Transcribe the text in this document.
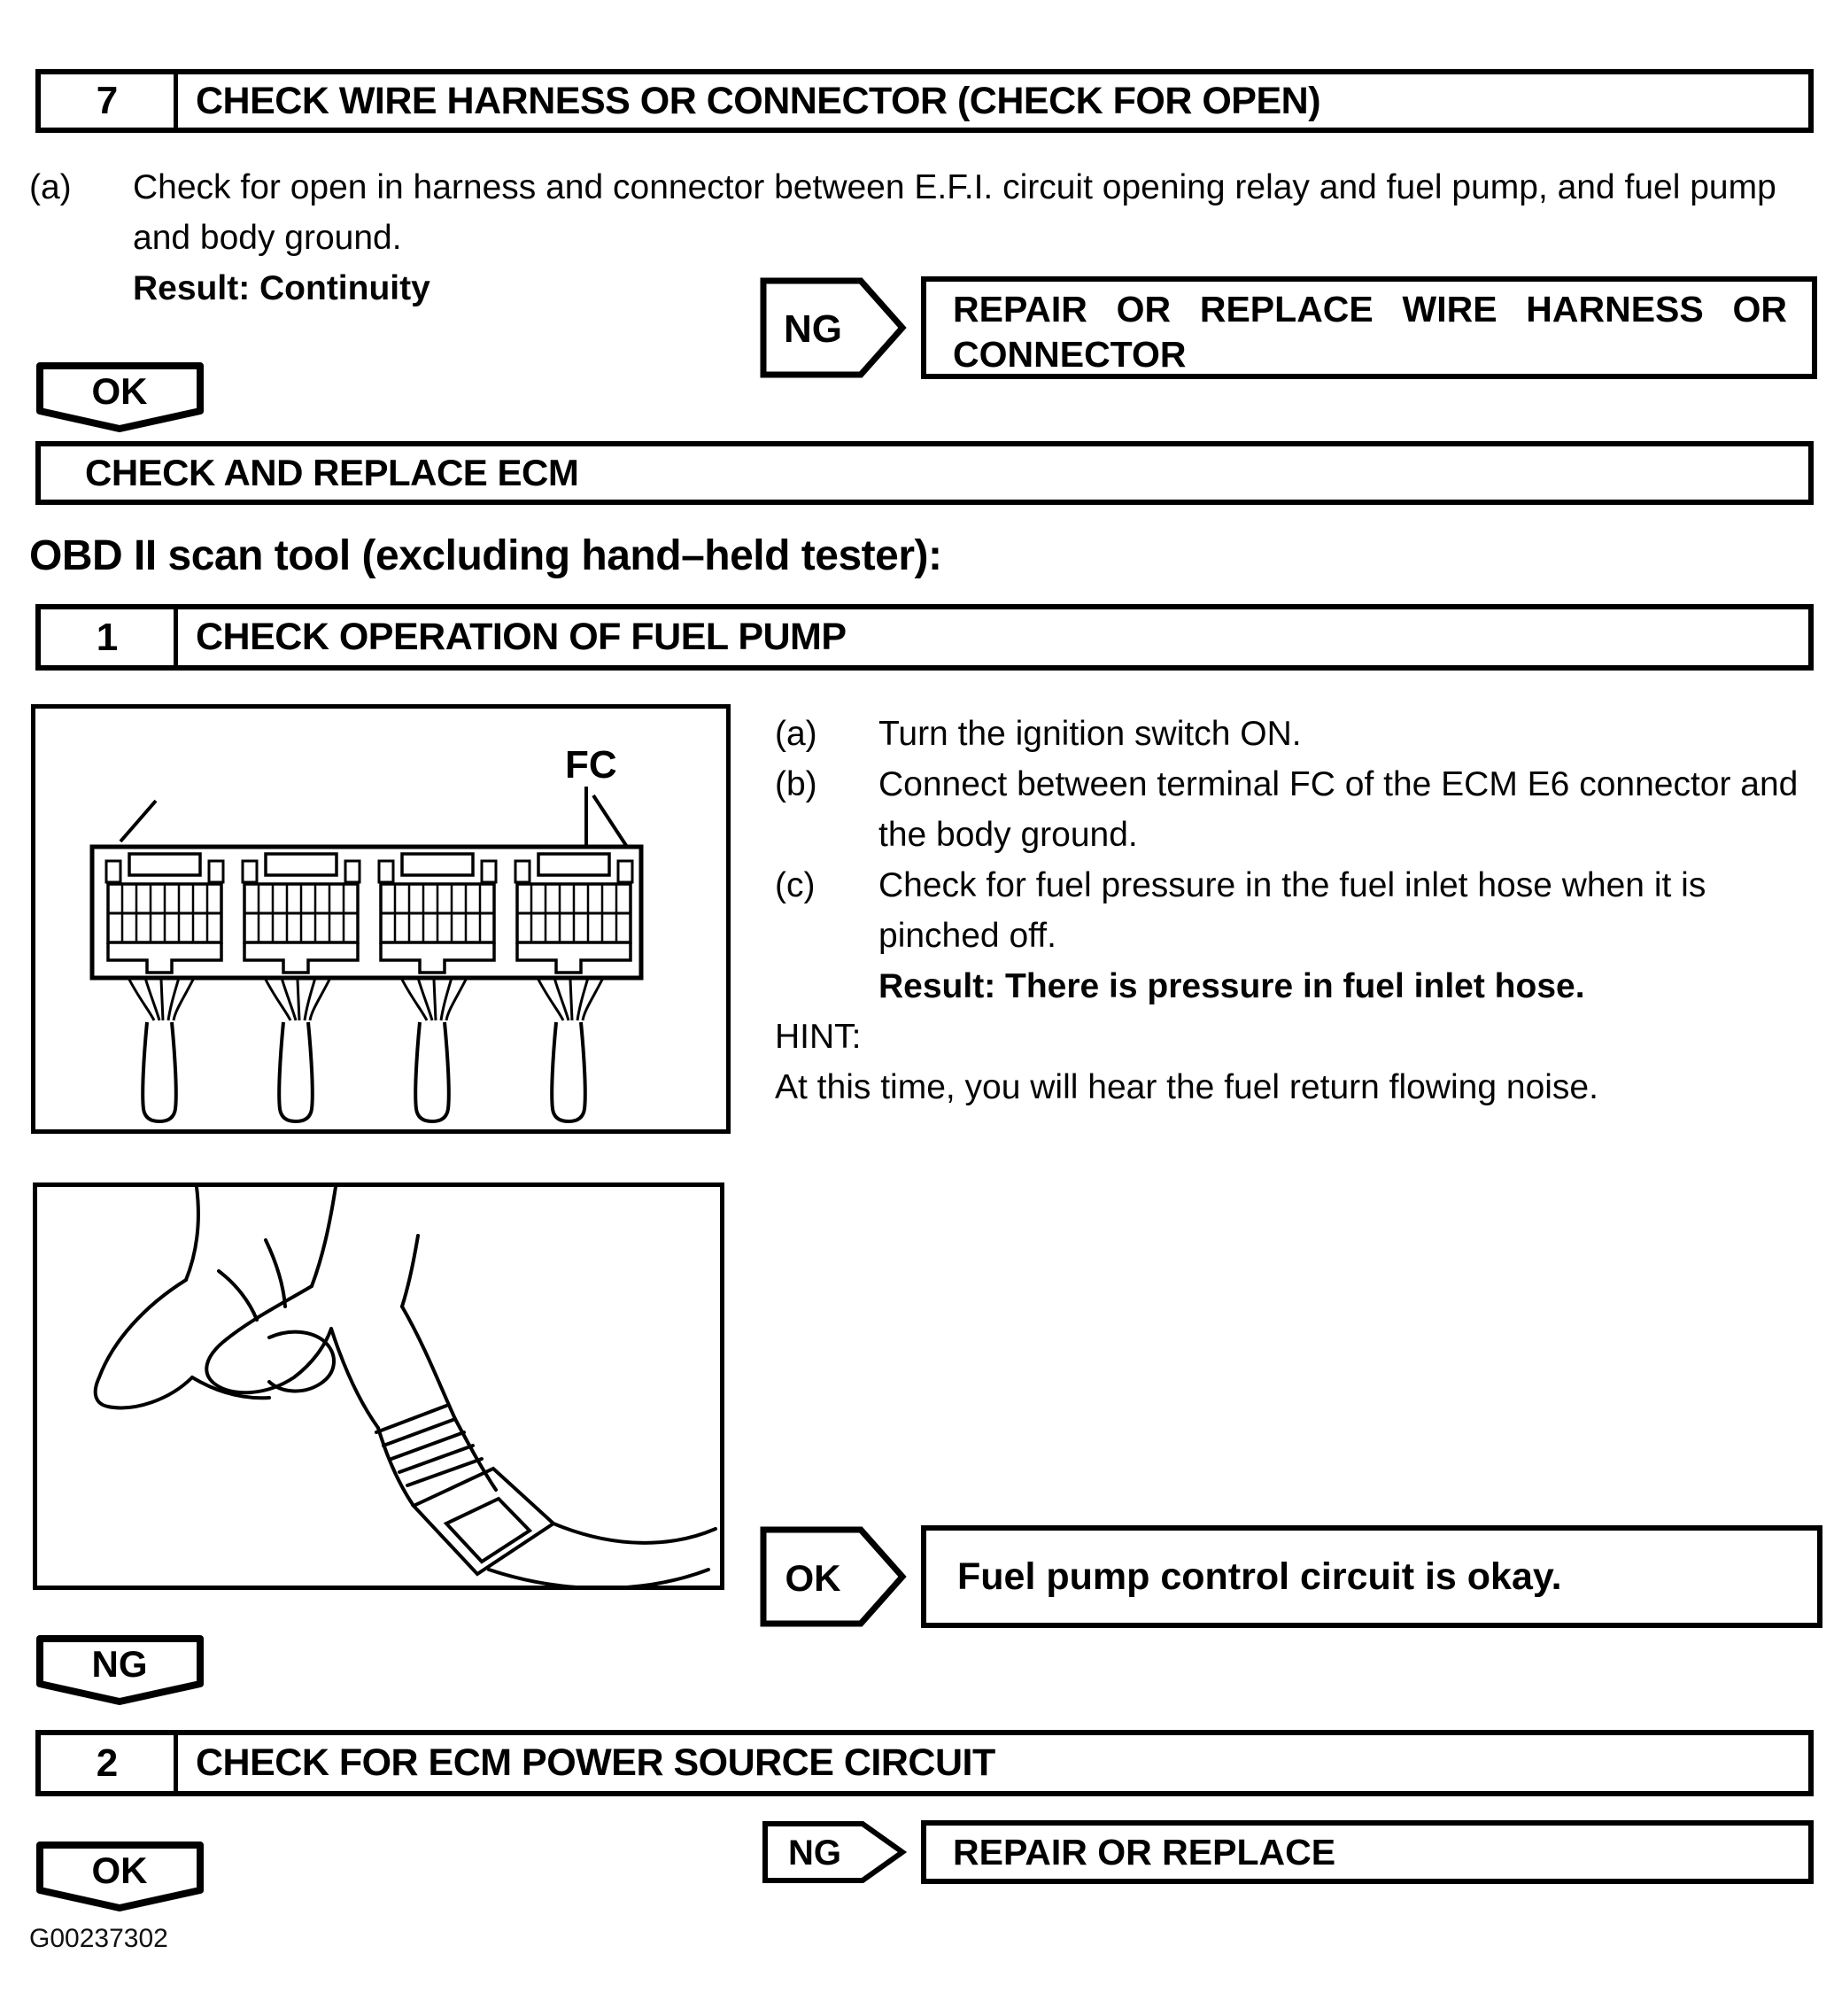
7	CHECK WIRE HARNESS OR CONNECTOR (CHECK FOR OPEN)
(a)	Check for open in harness and connector between E.F.I. circuit opening relay and fuel pump, and fuel pump and body ground.
Result: Continuity
NG	REPAIR OR REPLACE WIRE HARNESS OR CONNECTOR
OK
CHECK AND REPLACE ECM
OBD II scan tool (excluding hand–held tester):
1	CHECK OPERATION OF FUEL PUMP
FC
(a)	Turn the ignition switch ON.
(b)	Connect between terminal FC of the ECM E6 connector and the body ground.
(c)	Check for fuel pressure in the fuel inlet hose when it is pinched off.
Result: There is pressure in fuel inlet hose.
HINT:
At this time, you will hear the fuel return flowing noise.
OK	Fuel pump control circuit is okay.
NG
2	CHECK FOR ECM POWER SOURCE CIRCUIT
NG	REPAIR OR REPLACE
OK
G00237302
